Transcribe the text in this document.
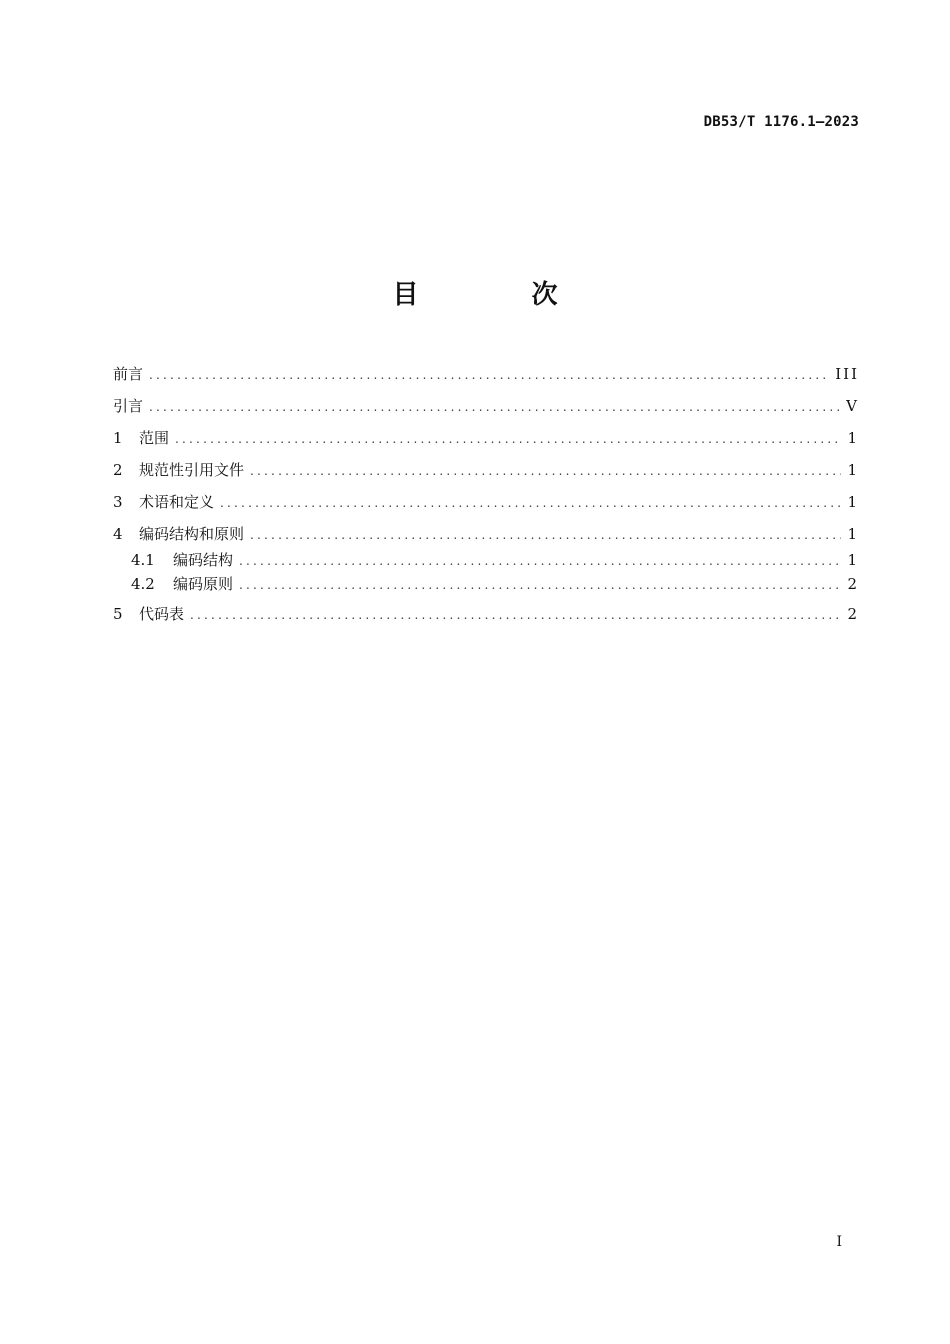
DB53/T 1176.1—2023
目 次
前言 .....	III
引言 .....	V
1	范围 .....	1
2	规范性引用文件 .....	1
3	术语和定义 .....	1
4	编码结构和原则 .....	1
4.1	编码结构 .....	1
4.2	编码原则 .....	2
5	代码表 .....	2
I
